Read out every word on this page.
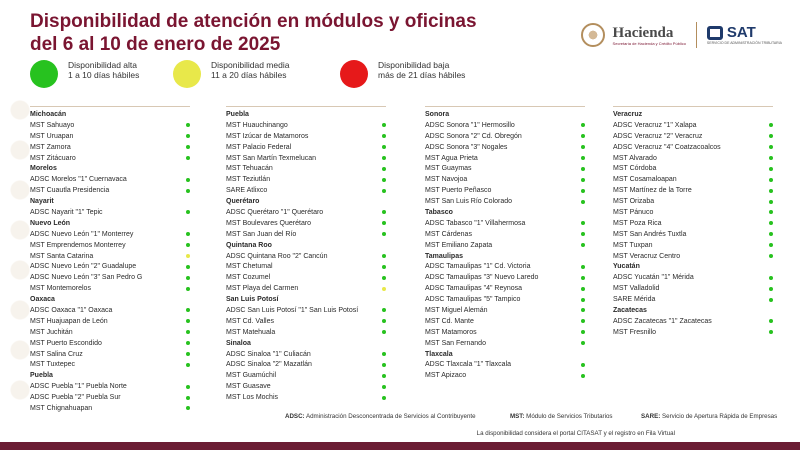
Disponibilidad de atención en módulos y oficinas
del 6 al 10 de enero de 2025
Hacienda
Secretaría de Hacienda y Crédito Público
SAT
SERVICIO DE ADMINISTRACIÓN TRIBUTARIA
Disponibilidad alta
1 a 10 días hábiles
Disponibilidad media
11 a 20 días hábiles
Disponibilidad baja
más de 21 días hábiles
Michoacán
MST Sahuayo
MST Uruapan
MST Zamora
MST Zitácuaro
Morelos
ADSC Morelos "1" Cuernavaca
MST Cuautla Presidencia
Nayarit
ADSC Nayarit "1" Tepic
Nuevo León
ADSC Nuevo León "1" Monterrey
MST Emprendemos Monterrey
MST Santa Catarina
ADSC Nuevo León "2" Guadalupe
ADSC Nuevo León "3" San Pedro G
MST Montemorelos
Oaxaca
ADSC Oaxaca "1" Oaxaca
MST Huajuapan de León
MST Juchitán
MST Puerto Escondido
MST Salina Cruz
MST Tuxtepec
Puebla
ADSC Puebla "1" Puebla Norte
ADSC Puebla "2" Puebla Sur
MST Chignahuapan
Puebla
MST Huauchinango
MST Izúcar de Matamoros
MST Palacio Federal
MST San Martín Texmelucan
MST Tehuacán
MST Teziutlán
SARE Atlixco
Querétaro
ADSC Querétaro "1" Querétaro
MST Boulevares Querétaro
MST San Juan del Río
Quintana Roo
ADSC Quintana Roo "2" Cancún
MST Chetumal
MST Cozumel
MST Playa del Carmen
San Luis Potosí
ADSC San Luis Potosí "1" San Luis Potosí
MST Cd. Valles
MST Matehuala
Sinaloa
ADSC Sinaloa "1" Culiacán
ADSC Sinaloa "2" Mazatlán
MST Guamúchil
MST Guasave
MST Los Mochis
Sonora
ADSC Sonora "1" Hermosillo
ADSC Sonora "2" Cd. Obregón
ADSC Sonora "3" Nogales
MST Agua Prieta
MST Guaymas
MST Navojoa
MST Puerto Peñasco
MST San Luis Río Colorado
Tabasco
ADSC Tabasco "1" Villahermosa
MST Cárdenas
MST Emiliano Zapata
Tamaulipas
ADSC Tamaulipas "1" Cd. Victoria
ADSC Tamaulipas "3" Nuevo Laredo
ADSC Tamaulipas "4" Reynosa
ADSC Tamaulipas "5" Tampico
MST Miguel Alemán
MST Cd. Mante
MST Matamoros
MST San Fernando
Tlaxcala
ADSC Tlaxcala "1" Tlaxcala
MST Apizaco
Veracruz
ADSC Veracruz "1" Xalapa
ADSC Veracruz "2" Veracruz
ADSC Veracruz "4" Coatzacoalcos
MST Alvarado
MST Córdoba
MST Cosamaloapan
MST Martínez de la Torre
MST Orizaba
MST Pánuco
MST Poza Rica
MST San Andrés Tuxtla
MST Tuxpan
MST Veracruz Centro
Yucatán
ADSC Yucatán "1" Mérida
MST Valladolid
SARE Mérida
Zacatecas
ADSC Zacatecas "1" Zacatecas
MST Fresnillo
ADSC: Administración Desconcentrada de Servicios al Contribuyente	MST: Módulo de Servicios Tributarios	SARE: Servicio de Apertura Rápida de Empresas
La disponibilidad considera el portal CITASAT y el registro en Fila Virtual
